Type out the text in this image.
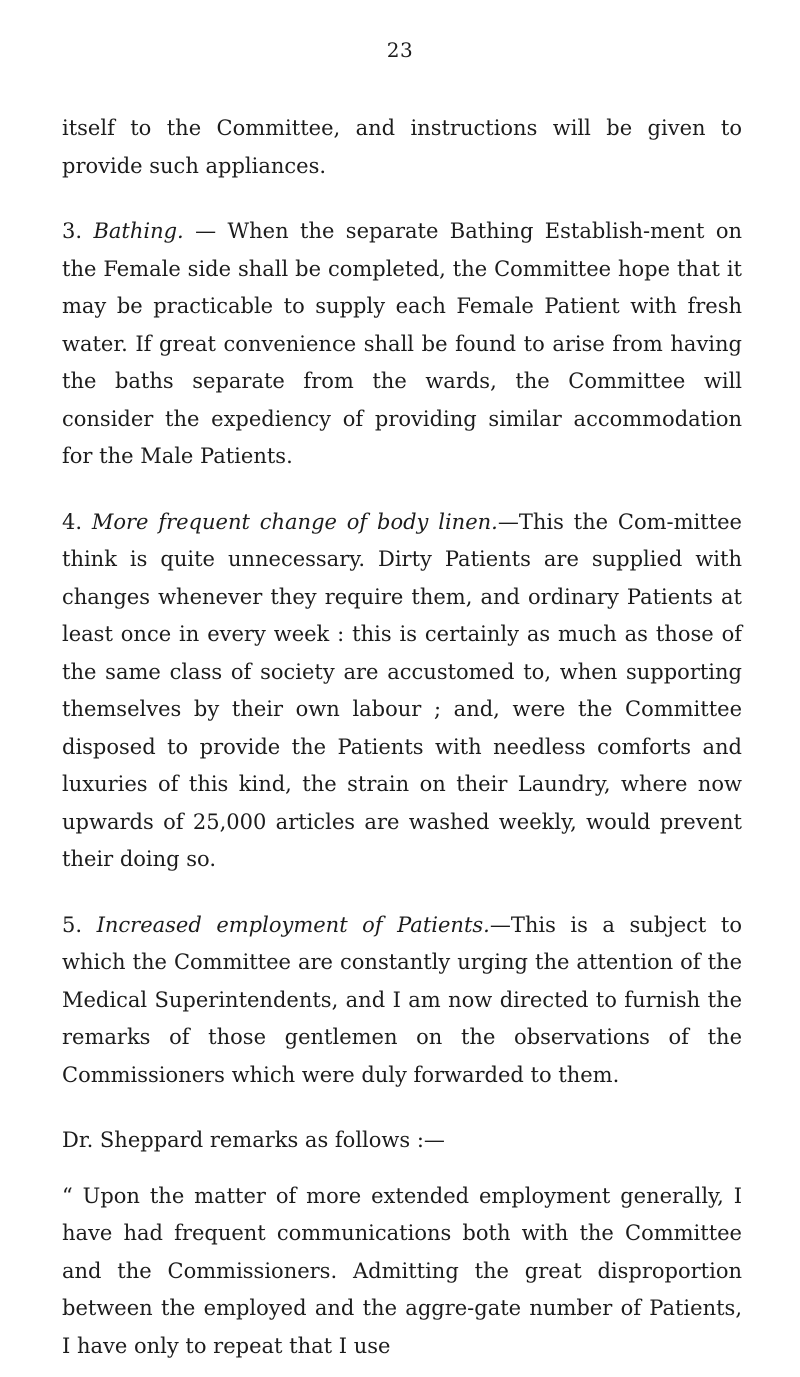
23

itself to the Committee, and instructions will be given to provide such appliances.

3. Bathing. — When the separate Bathing Establish-ment on the Female side shall be completed, the Committee hope that it may be practicable to supply each Female Patient with fresh water. If great convenience shall be found to arise from having the baths separate from the wards, the Committee will consider the expediency of providing similar accommodation for the Male Patients.

4. More frequent change of body linen.—This the Com-mittee think is quite unnecessary. Dirty Patients are supplied with changes whenever they require them, and ordinary Patients at least once in every week : this is certainly as much as those of the same class of society are accustomed to, when supporting themselves by their own labour ; and, were the Committee disposed to provide the Patients with needless comforts and luxuries of this kind, the strain on their Laundry, where now upwards of 25,000 articles are washed weekly, would prevent their doing so.

5. Increased employment of Patients.—This is a subject to which the Committee are constantly urging the attention of the Medical Superintendents, and I am now directed to furnish the remarks of those gentlemen on the observations of the Commissioners which were duly forwarded to them.

Dr. Sheppard remarks as follows :—

“ Upon the matter of more extended employment generally, I have had frequent communications both with the Committee and the Commissioners. Admitting the great disproportion between the employed and the aggre-gate number of Patients, I have only to repeat that I use
